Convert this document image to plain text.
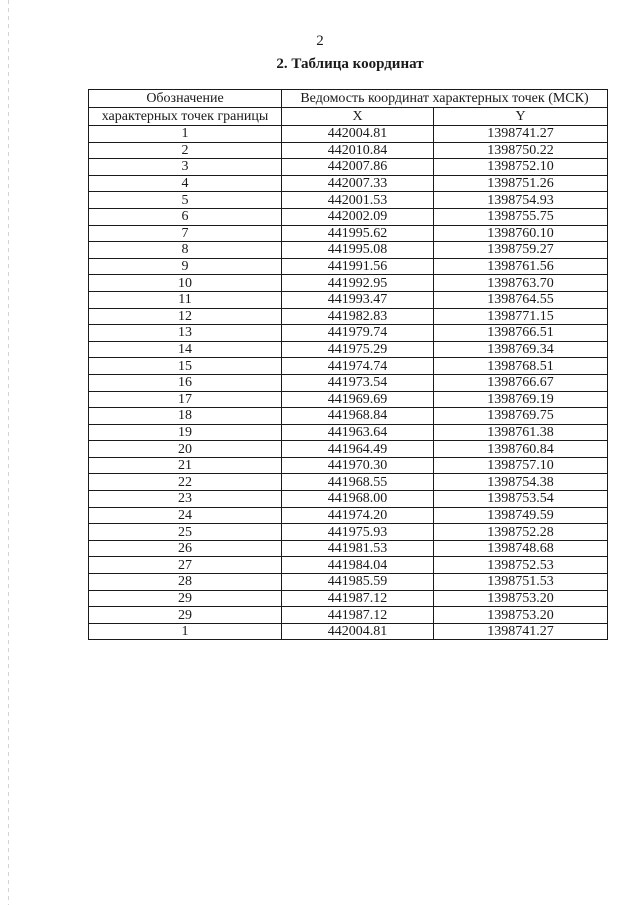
2
2. Таблица координат
Обозначение	Ведомость координат характерных точек (МСК)	
характерных точек границы	X	Y
1	442004.81	1398741.27
2	442010.84	1398750.22
3	442007.86	1398752.10
4	442007.33	1398751.26
5	442001.53	1398754.93
6	442002.09	1398755.75
7	441995.62	1398760.10
8	441995.08	1398759.27
9	441991.56	1398761.56
10	441992.95	1398763.70
11	441993.47	1398764.55
12	441982.83	1398771.15
13	441979.74	1398766.51
14	441975.29	1398769.34
15	441974.74	1398768.51
16	441973.54	1398766.67
17	441969.69	1398769.19
18	441968.84	1398769.75
19	441963.64	1398761.38
20	441964.49	1398760.84
21	441970.30	1398757.10
22	441968.55	1398754.38
23	441968.00	1398753.54
24	441974.20	1398749.59
25	441975.93	1398752.28
26	441981.53	1398748.68
27	441984.04	1398752.53
28	441985.59	1398751.53
29	441987.12	1398753.20
29	441987.12	1398753.20
1	442004.81	1398741.27
